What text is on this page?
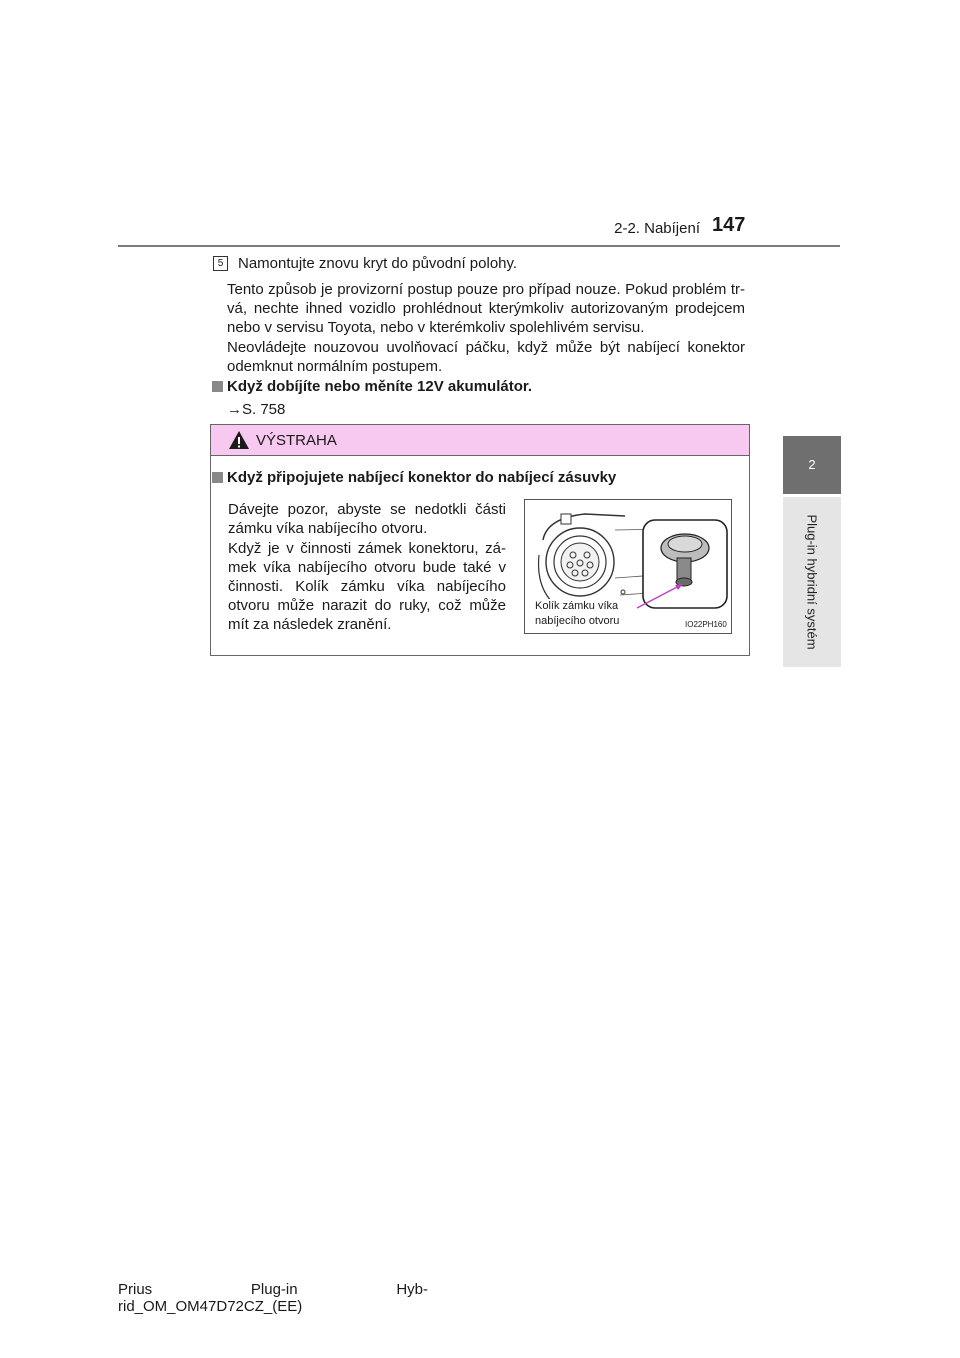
2-2. Nabíjení 147
2
Plug-in hybridní systém
5 Namontujte znovu kryt do původní polohy.
Tento způsob je provizorní postup pouze pro případ nouze. Pokud problém tr-vá, nechte ihned vozidlo prohlédnout kterýmkoliv autorizovaným prodejcem nebo v servisu Toyota, nebo v kterémkoliv spolehlivém servisu.
Neovládejte nouzovou uvolňovací páčku, když může být nabíjecí konektor odemknut normálním postupem.
Když dobíjíte nebo měníte 12V akumulátor.
→S. 758
VÝSTRAHA
Když připojujete nabíjecí konektor do nabíjecí zásuvky
Dávejte pozor, abyste se nedotkli části zámku víka nabíjecího otvoru.
Když je v činnosti zámek konektoru, zá-mek víka nabíjecího otvoru bude také v činnosti. Kolík zámku víka nabíjecího otvoru může narazit do ruky, což může mít za následek zranění.
Kolík zámku víka
nabíjecího otvoru	IO22PH160
Prius Plug-in Hyb-
rid_OM_OM47D72CZ_(EE)
